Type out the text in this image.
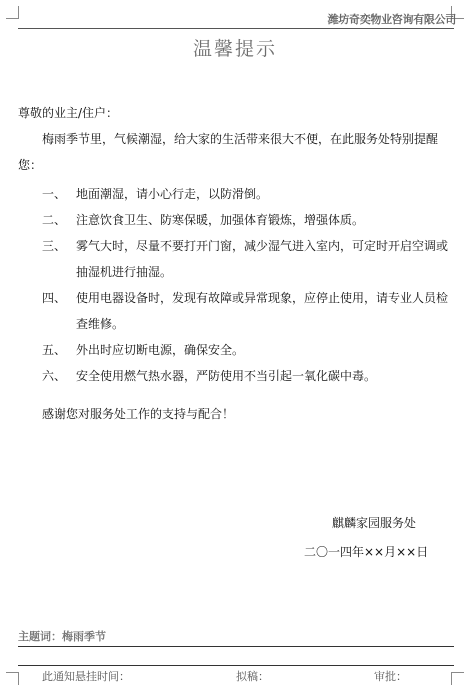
潍坊奇奕物业咨询有限公司
温馨提示

尊敬的业主/住户：

梅雨季节里，气候潮湿，给大家的生活带来很大不便，在此服务处特别提醒您：

一、 地面潮湿，请小心行走，以防滑倒。
二、 注意饮食卫生、防寒保暖，加强体育锻炼，增强体质。
三、 雾气大时，尽量不要打开门窗，减少湿气进入室内，可定时开启空调或抽湿机进行抽湿。
四、 使用电器设备时，发现有故障或异常现象，应停止使用，请专业人员检查维修。
五、 外出时应切断电源，确保安全。
六、 安全使用燃气热水器，严防使用不当引起一氧化碳中毒。

感谢您对服务处工作的支持与配合！

麒麟家园服务处
二〇一四年××月××日
主题词：梅雨季节
此通知悬挂时间：	拟稿：	审批：
